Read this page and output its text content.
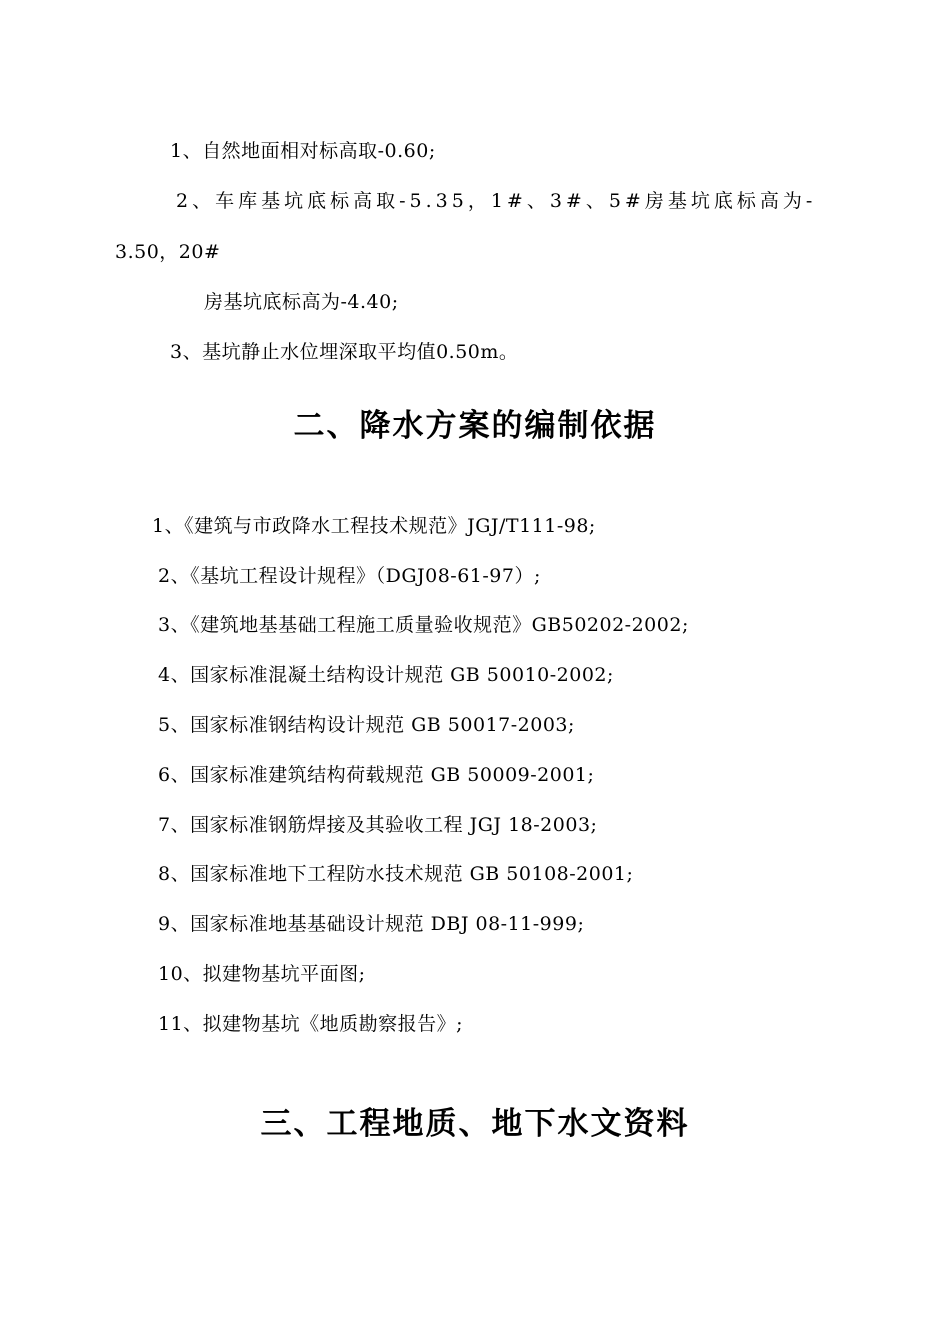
1、自然地面相对标高取-0.60;
2、车库基坑底标高取-5.35，1#、3#、5#房基坑底标高为-
3.50，20#
房基坑底标高为-4.40;
3、基坑静止水位埋深取平均值0.50m。
二、降水方案的编制依据
1、《建筑与市政降水工程技术规范》JGJ/T111-98;
2、《基坑工程设计规程》（DGJ08-61-97）;
3、《建筑地基基础工程施工质量验收规范》GB50202-2002;
4、国家标准混凝土结构设计规范 GB 50010-2002;
5、国家标准钢结构设计规范 GB 50017-2003;
6、国家标准建筑结构荷载规范 GB 50009-2001;
7、国家标准钢筋焊接及其验收工程 JGJ 18-2003;
8、国家标准地下工程防水技术规范 GB 50108-2001;
9、国家标准地基基础设计规范 DBJ 08-11-999;
10、拟建物基坑平面图;
11、拟建物基坑《地质勘察报告》;
三、工程地质、地下水文资料
